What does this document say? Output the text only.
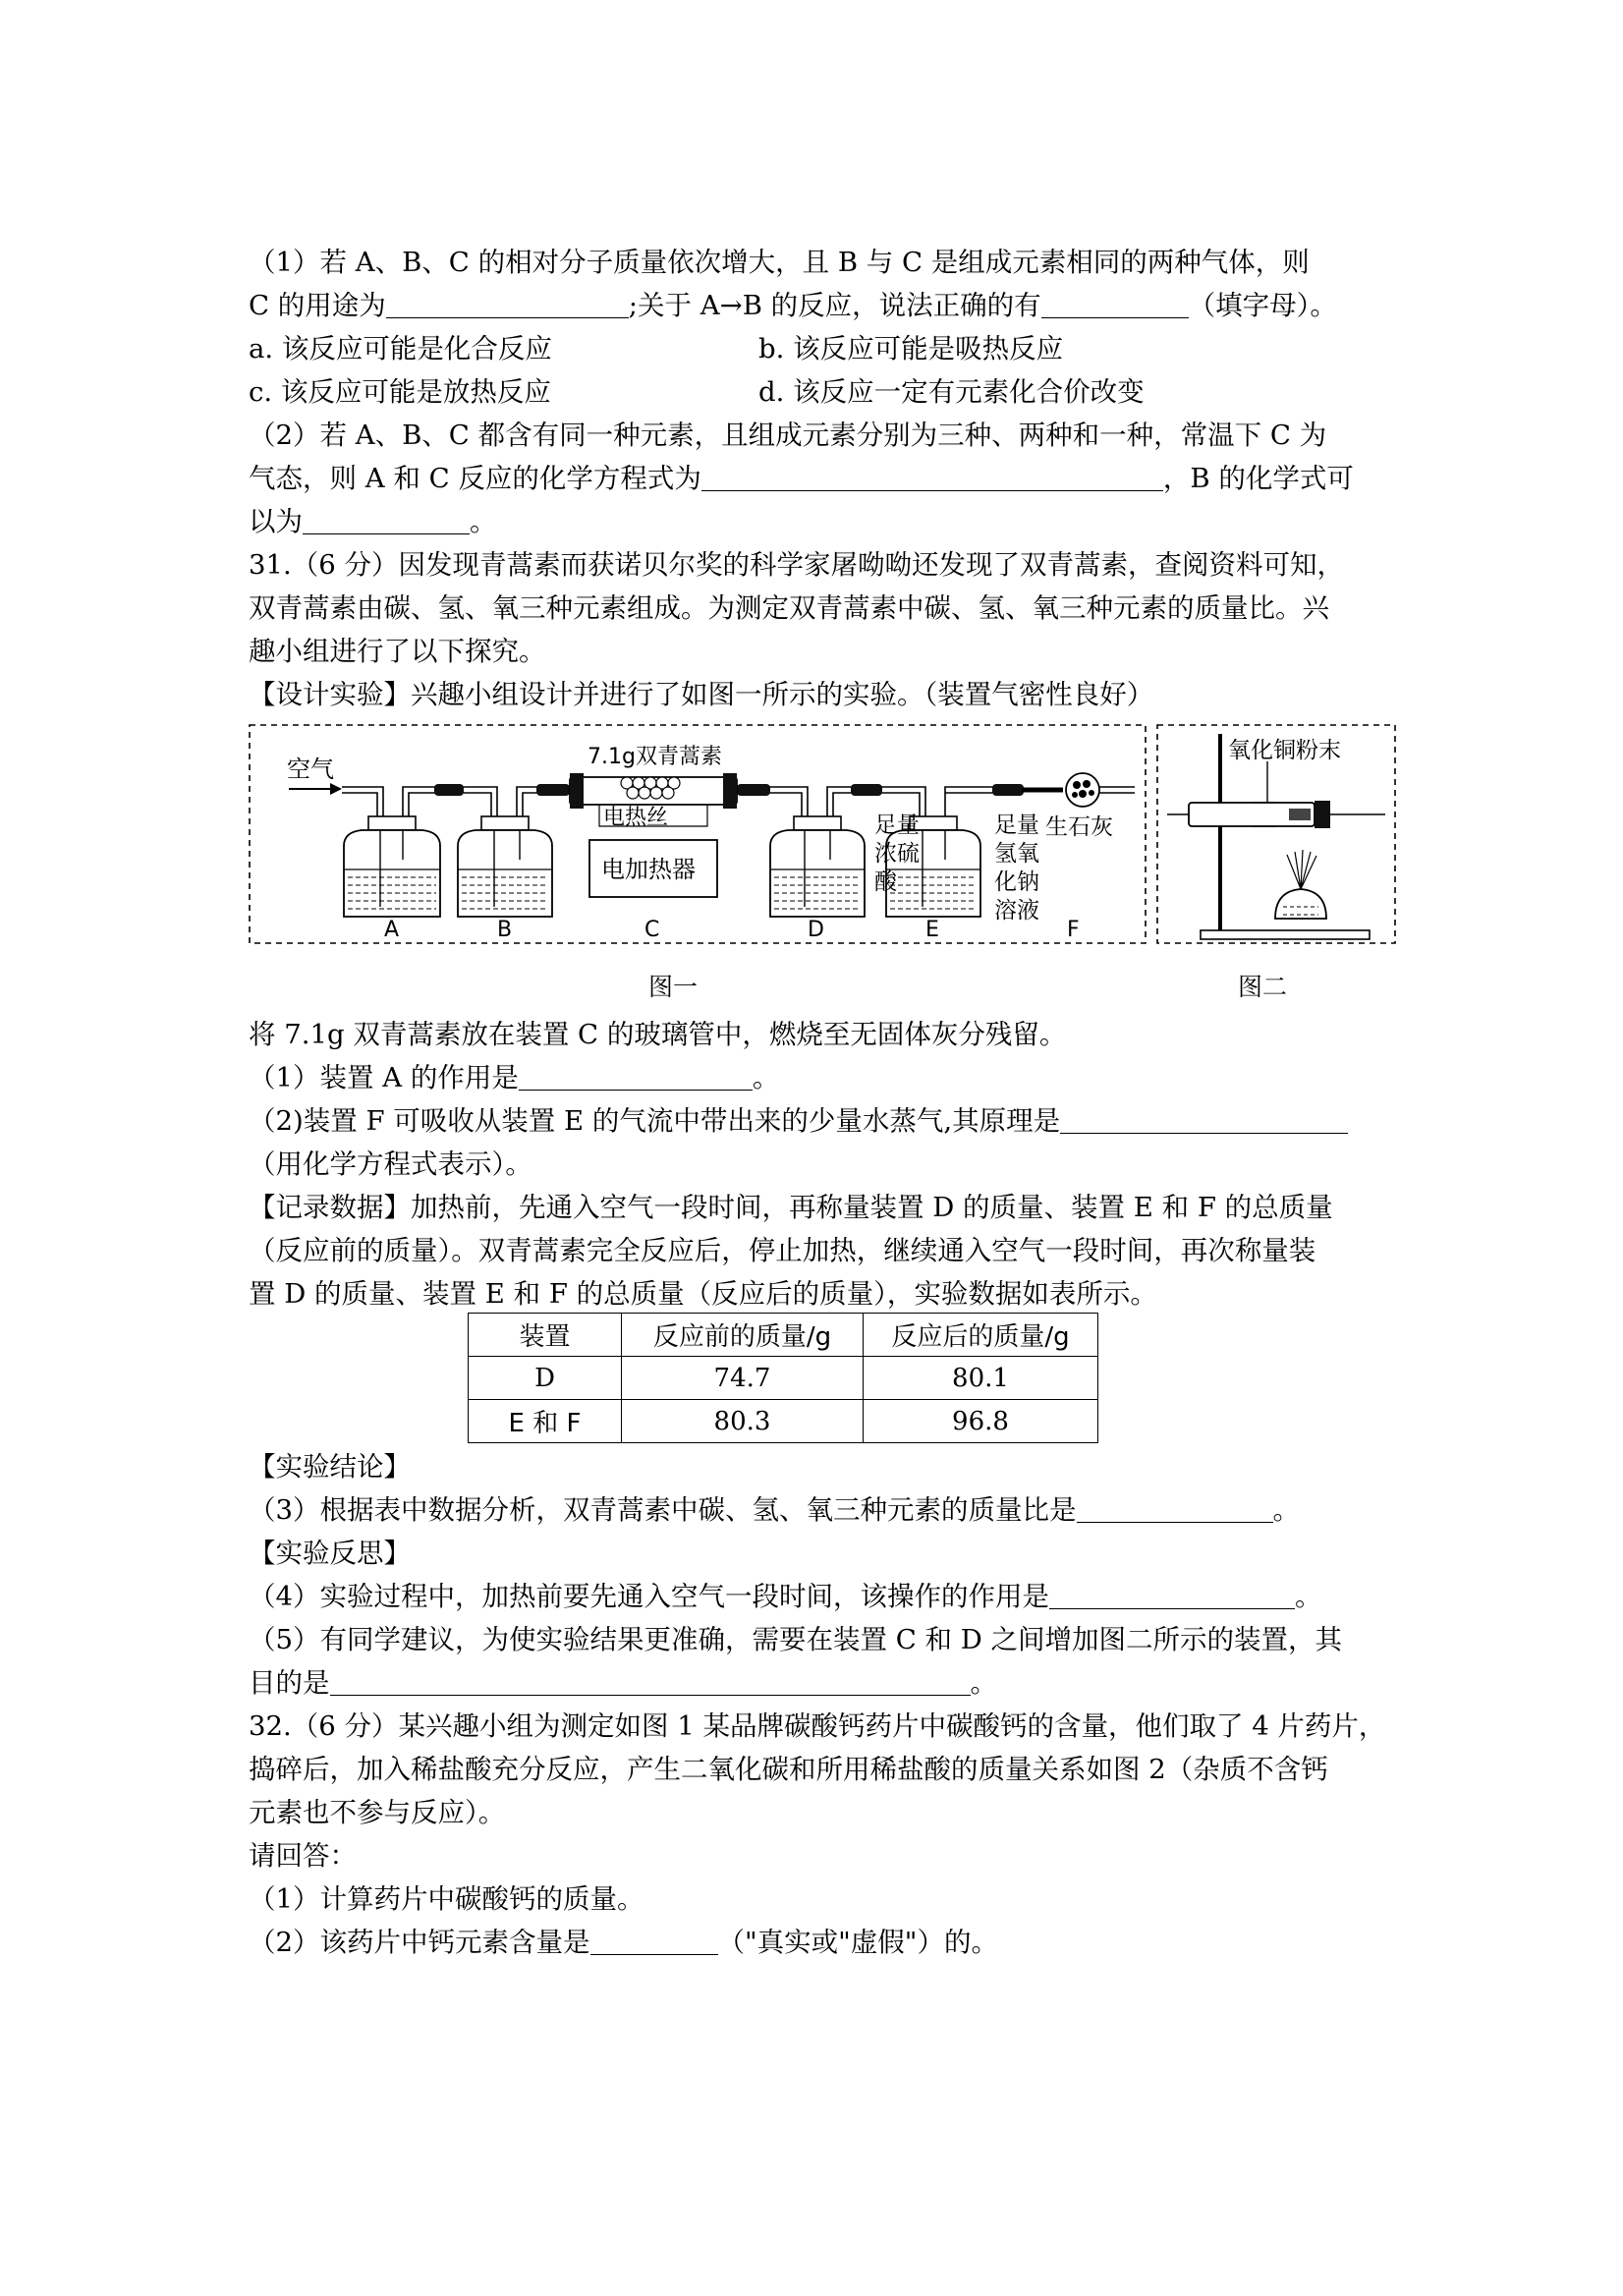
（1）若 A、B、C 的相对分子质量依次增大，且 B 与 C 是组成元素相同的两种气体，则
C 的用途为	;关于 A→B 的反应，说法正确的有	（填字母）。
a. 该反应可能是化合反应	b. 该反应可能是吸热反应
c. 该反应可能是放热反应	d. 该反应一定有元素化合价改变
（2）若 A、B、C 都含有同一种元素，且组成元素分别为三种、两种和一种，常温下 C 为
气态，则 A 和 C 反应的化学方程式为	，B 的化学式可
以为	。
31.（6 分）因发现青蒿素而获诺贝尔奖的科学家屠呦呦还发现了双青蒿素，查阅资料可知，
双青蒿素由碳、氢、氧三种元素组成。为测定双青蒿素中碳、氢、氧三种元素的质量比。兴
趣小组进行了以下探究。
【设计实验】兴趣小组设计并进行了如图一所示的实验。（装置气密性良好）
空气	7.1g双青蒿素
电热丝
电加热器
足量
浓硫
酸
足量
氢氧
化钠
溶液
生石灰
A	B	C	D	E	F
氧化铜粉末
图一	图二
将 7.1g 双青蒿素放在装置 C 的玻璃管中，燃烧至无固体灰分残留。
（1）装置 A 的作用是	。
（2)装置 F 可吸收从装置 E 的气流中带出来的少量水蒸气,其原理是
（用化学方程式表示）。
【记录数据】加热前，先通入空气一段时间，再称量装置 D 的质量、装置 E 和 F 的总质量
（反应前的质量）。双青蒿素完全反应后，停止加热，继续通入空气一段时间，再次称量装
置 D 的质量、装置 E 和 F 的总质量（反应后的质量），实验数据如表所示。
装置	反应前的质量/g	反应后的质量/g
D	74.7	80.1
E 和 F	80.3	96.8
【实验结论】
（3）根据表中数据分析，双青蒿素中碳、氢、氧三种元素的质量比是	。
【实验反思】
（4）实验过程中，加热前要先通入空气一段时间，该操作的作用是	。
（5）有同学建议，为使实验结果更准确，需要在装置 C 和 D 之间增加图二所示的装置，其
目的是	。
32.（6 分）某兴趣小组为测定如图 1 某品牌碳酸钙药片中碳酸钙的含量，他们取了 4 片药片，
捣碎后，加入稀盐酸充分反应，产生二氧化碳和所用稀盐酸的质量关系如图 2（杂质不含钙
元素也不参与反应）。
请回答：
（1）计算药片中碳酸钙的质量。
（2）该药片中钙元素含量是	（"真实或"虚假"）的。
